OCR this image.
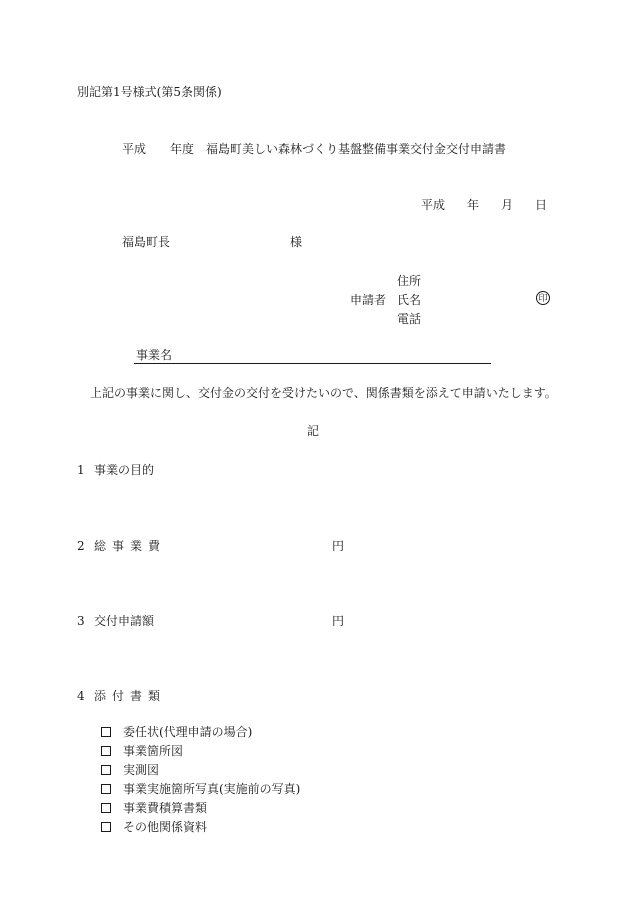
別記第1号様式(第5条関係)
平成 年度 福島町美しい森林づくり基盤整備事業交付金交付申請書
平成 年 月 日
福島町長	様
申請者
住所
氏名
電話
印
事業名
上記の事業に関し、交付金の交付を受けたいので、関係書類を添えて申請いたします。
記
1 事業の目的
2 総事業費	円
3 交付申請額	円
4 添付書類
委任状(代理申請の場合)
事業箇所図
実測図
事業実施箇所写真(実施前の写真)
事業費積算書類
その他関係資料
